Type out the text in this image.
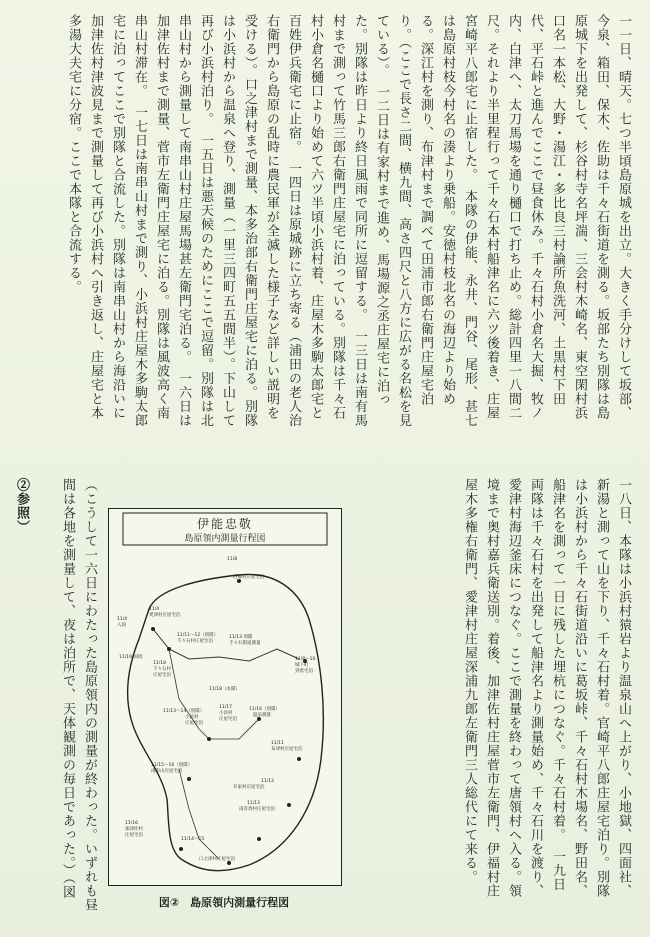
一一日、晴天。七つ半頃島原城を出立。大きく手分けして坂部、今泉、箱田、保木、佐助は千々石街道を測る。坂部たち別隊は島原城下を出発して、杉谷村寺名坪湍、三会村木崎名、東空閑村浜口名一本松、大野・湯江・多比良三村論所魚洗河、土黒村下田代、平石峠と進んでここで昼食休み。千々石村小倉名大掘、牧ノ内、白津へ、太刀馬場を通り樋口で打ち止め。総計四里一八間二尺。それより半里程行って千々石本村船津名に六ツ後着き、庄屋宮崎平八郎宅に止宿した。　本隊の伊能、永井、門谷、尾形、甚七は島原村枝今村名の湊より乗船。安徳村枝北名の海辺より始める。深江村を測り、布津村まで調べて田浦市郎右衛門庄屋宅泊り。（ここで長さ二間、横九間、高さ四尺と八方に広がる名松を見ている）。　一二日は有家村まで進め、馬場源之丞庄屋宅に泊った。別隊は昨日より終日風雨で同所に逗留する。　一三日は南有馬村まで測って竹馬三郎右衛門庄屋宅に泊っている。別隊は千々石村小倉名樋口より始めて六ツ半頃小浜村着、庄屋木多駒太郎宅と百姓伊兵衛宅に止宿。　一四日は原城跡に立ち寄る（浦田の老人治右衛門から島原の乱時に農民軍が全滅した様子など詳しい説明を受ける）。口之津村まで測量、本多治部右衛門庄屋宅に泊る。別隊は小浜村から温泉へ登り、測量（一里三四町五五間半）。下山して再び小浜村泊り。　一五日は悪天候のためにここで逗留。別隊は北串山村から測量して南串山村庄屋馬場甚左衛門宅泊る。　一六日は加津佐村まで測量、菅市左衛門庄屋宅に泊る。別隊は風波高く南串山村滞在。　一七日は南串山村まで測り、小浜村庄屋木多駒太郎宅に泊ってここで別隊と合流した。別隊は南串山村から海沿いに加津佐村津波見まで測量して再び小浜村へ引き返し、庄屋宅と本多湯大夫宅に分宿。ここで本隊と合流する。
一八日、本隊は小浜村猿岩より温泉山へ上がり、小地獄、四面社、新湯と測って山を下り、千々石村着。官崎平八郎庄屋宅泊り。別隊は小浜村から千々石街道沿いに葛坂峠、千々石村木場名、野田名、船津名を測って一日に残した埋杭につなぐ。千々石村着。　一九日両隊は千々石村を出発して船津名より測量始め、千々石川を渡り、愛津村海辺釜床につなぐ。ここで測量を終わって唐領村へ入る。領境まで奥村嘉兵衛送別。着後、加津佐村庄屋菅市左衛門、伊福村庄屋木多権右衛門、愛津村庄屋深浦九郎左衛門三人総代にて来る。
（こうして一六日にわたった島原領内の測量が終わった。いずれも昼間は各地を測量して、夜は泊所で、天体観測の毎日であった。）（図
②参照）	伊能忠敬
島原領内測量行程図
11/8
西郷村庄屋宅泊
11/4
愛津村庄屋宅泊
11/4
入国
11/11～12（別隊）
千々石村庄屋宅泊
11/13 別隊
千々石街道測量
11/8～10
城下町
到着宅泊
11/19 国境
11/18
千々石村
庄屋宅泊
11/18（本隊）
11/13～14（別隊）
小浜村
庄屋宅泊
11/17
小浜村
庄屋宅泊
11/16（別隊）
温泉測量
11/15～16（別隊）
南串山庄屋宅泊
11/11
布津村庄屋宅泊
11/12
有家村庄屋宅泊
11/13
南有馬村庄屋宅泊
11/16
加津佐村
庄屋宅泊
11/14～15
口之津村庄屋宅泊
図②　島原領内測量行程図
